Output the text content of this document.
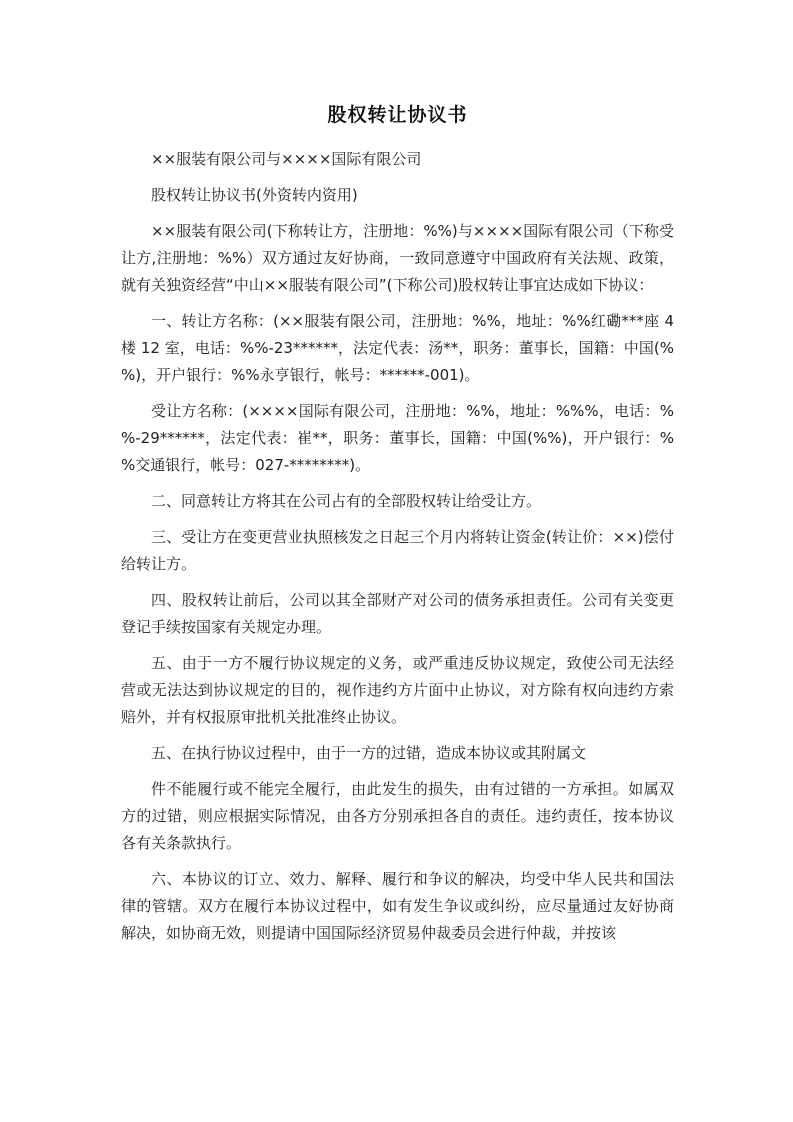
股权转让协议书

××服装有限公司与××××国际有限公司

股权转让协议书(外资转内资用)

××服装有限公司(下称转让方，注册地：%%)与××××国际有限公司（下称受让方,注册地：%%）双方通过友好协商，一致同意遵守中国政府有关法规、政策，就有关独资经营“中山××服装有限公司”(下称公司)股权转让事宜达成如下协议：

一、转让方名称：(××服装有限公司，注册地：%%，地址：%%红磡***座 4 楼 12 室，电话：%%-23******，法定代表：汤**，职务：董事长，国籍：中国(%%)，开户银行：%%永亨银行，帐号：******-001)。

受让方名称：(××××国际有限公司，注册地：%%，地址：%%%，电话：%%-29******，法定代表：崔**，职务：董事长，国籍：中国(%%)，开户银行：%%交通银行，帐号：027-********)。

二、同意转让方将其在公司占有的全部股权转让给受让方。

三、受让方在变更营业执照核发之日起三个月内将转让资金(转让价：××)偿付给转让方。

四、股权转让前后，公司以其全部财产对公司的债务承担责任。公司有关变更登记手续按国家有关规定办理。

五、由于一方不履行协议规定的义务，或严重违反协议规定，致使公司无法经营或无法达到协议规定的目的，视作违约方片面中止协议，对方除有权向违约方索赔外，并有权报原审批机关批准终止协议。

五、在执行协议过程中，由于一方的过错，造成本协议或其附属文

件不能履行或不能完全履行，由此发生的损失，由有过错的一方承担。如属双方的过错，则应根据实际情况，由各方分别承担各自的责任。违约责任，按本协议各有关条款执行。

六、本协议的订立、效力、解释、履行和争议的解决，均受中华人民共和国法律的管辖。双方在履行本协议过程中，如有发生争议或纠纷，应尽量通过友好协商解决，如协商无效，则提请中国国际经济贸易仲裁委员会进行仲裁，并按该
